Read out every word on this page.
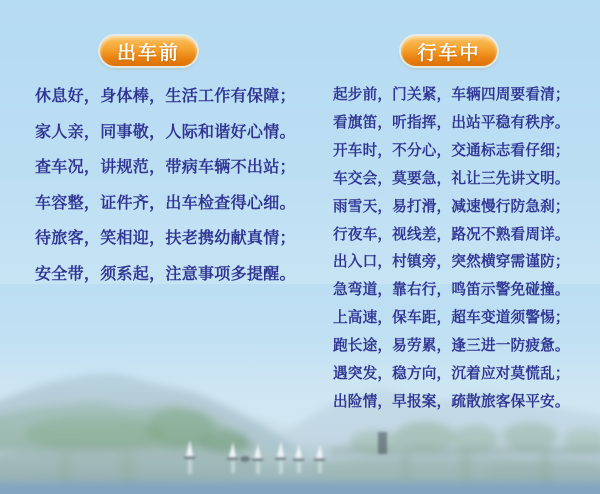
出车前

休息好，身体棒，生活工作有保障；

家人亲，同事敬，人际和谐好心情。

查车况，讲规范，带病车辆不出站；

车容整，证件齐，出车检查得心细。

待旅客，笑相迎，扶老携幼献真情；

安全带，须系起，注意事项多提醒。

行车中

起步前，门关紧，车辆四周要看清；

看旗笛，听指挥，出站平稳有秩序。

开车时，不分心，交通标志看仔细；

车交会，莫要急，礼让三先讲文明。

雨雪天，易打滑，减速慢行防急刹；

行夜车，视线差，路况不熟看周详。

出入口，村镇旁，突然横穿需谨防；

急弯道，靠右行，鸣笛示警免碰撞。

上高速，保车距，超车变道须警惕；

跑长途，易劳累，逢三进一防疲惫。

遇突发，稳方向，沉着应对莫慌乱；

出险情，早报案，疏散旅客保平安。
